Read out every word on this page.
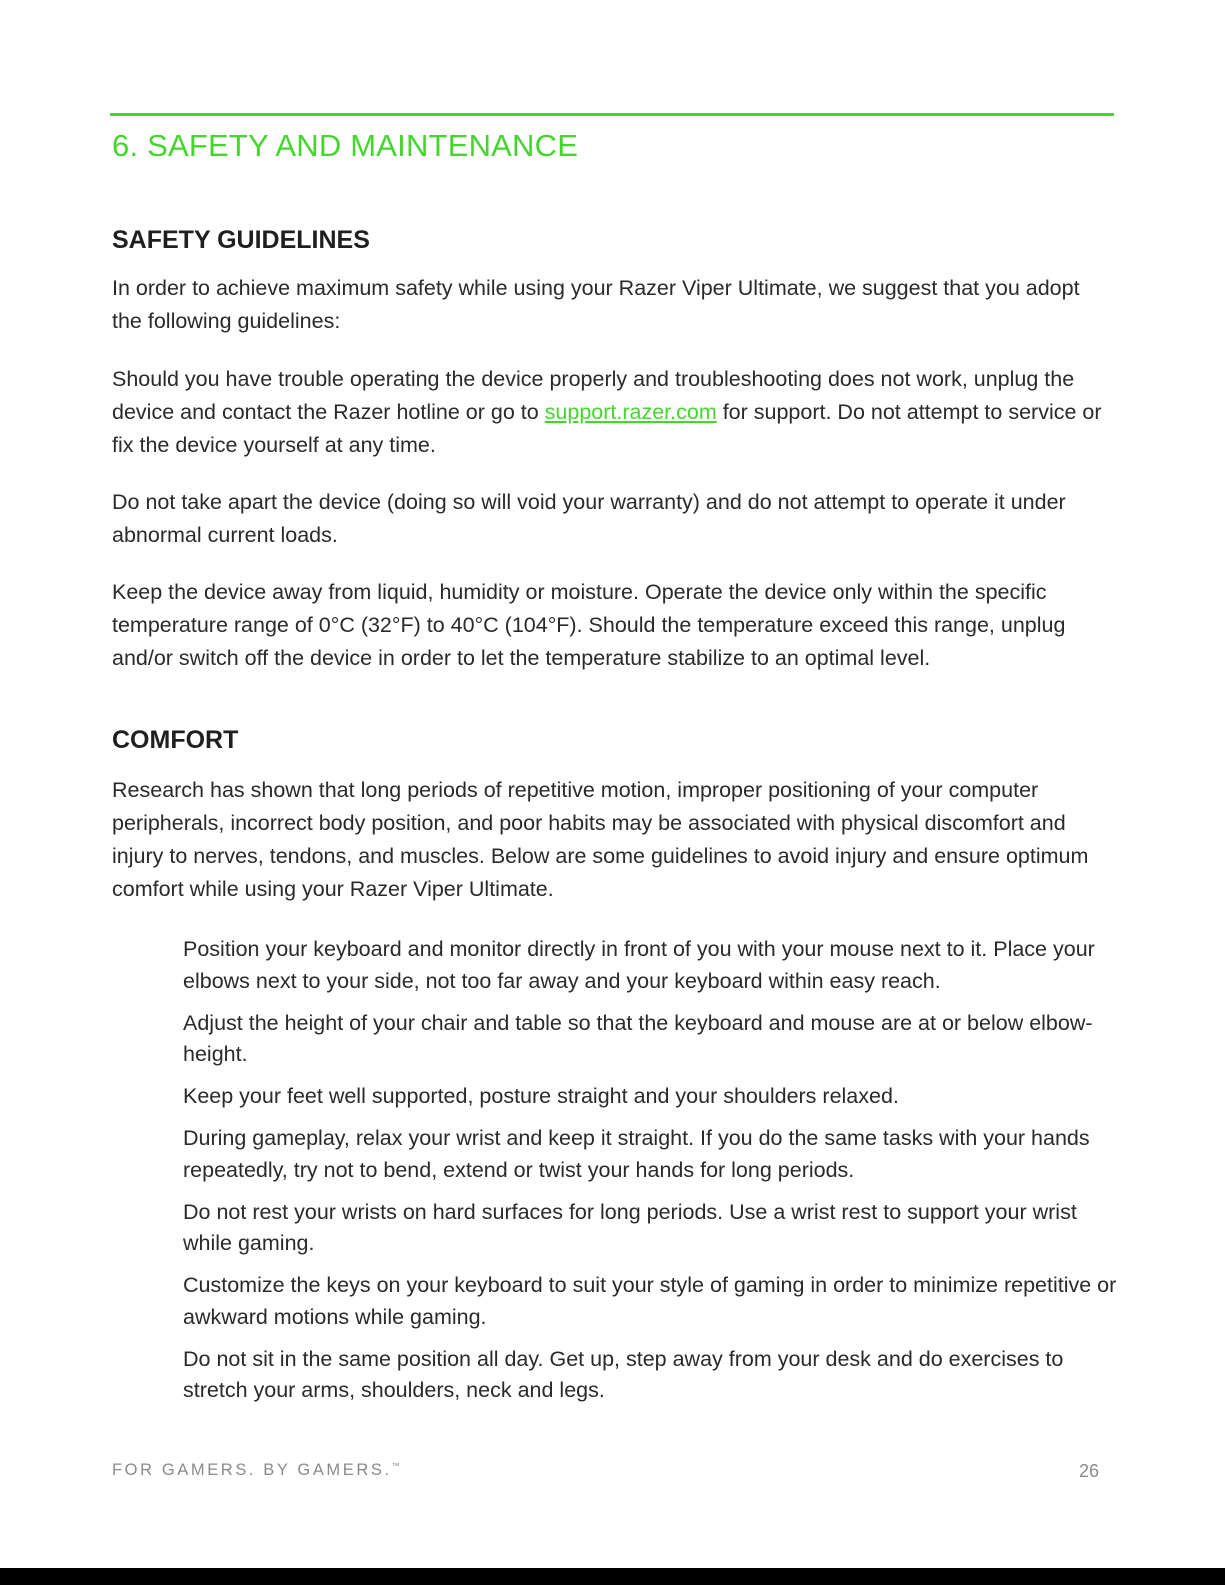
6. SAFETY AND MAINTENANCE
SAFETY GUIDELINES

In order to achieve maximum safety while using your Razer Viper Ultimate, we suggest that you adopt the following guidelines:

Should you have trouble operating the device properly and troubleshooting does not work, unplug the device and contact the Razer hotline or go to support.razer.com for support. Do not attempt to service or fix the device yourself at any time.

Do not take apart the device (doing so will void your warranty) and do not attempt to operate it under abnormal current loads.

Keep the device away from liquid, humidity or moisture. Operate the device only within the specific temperature range of 0°C (32°F) to 40°C (104°F). Should the temperature exceed this range, unplug and/or switch off the device in order to let the temperature stabilize to an optimal level.

COMFORT

Research has shown that long periods of repetitive motion, improper positioning of your computer peripherals, incorrect body position, and poor habits may be associated with physical discomfort and injury to nerves, tendons, and muscles. Below are some guidelines to avoid injury and ensure optimum comfort while using your Razer Viper Ultimate.

Position your keyboard and monitor directly in front of you with your mouse next to it. Place your elbows next to your side, not too far away and your keyboard within easy reach.
Adjust the height of your chair and table so that the keyboard and mouse are at or below elbow-height.
Keep your feet well supported, posture straight and your shoulders relaxed.
During gameplay, relax your wrist and keep it straight. If you do the same tasks with your hands repeatedly, try not to bend, extend or twist your hands for long periods.
Do not rest your wrists on hard surfaces for long periods. Use a wrist rest to support your wrist while gaming.
Customize the keys on your keyboard to suit your style of gaming in order to minimize repetitive or awkward motions while gaming.
Do not sit in the same position all day. Get up, step away from your desk and do exercises to stretch your arms, shoulders, neck and legs.
FOR GAMERS. BY GAMERS.™	26
